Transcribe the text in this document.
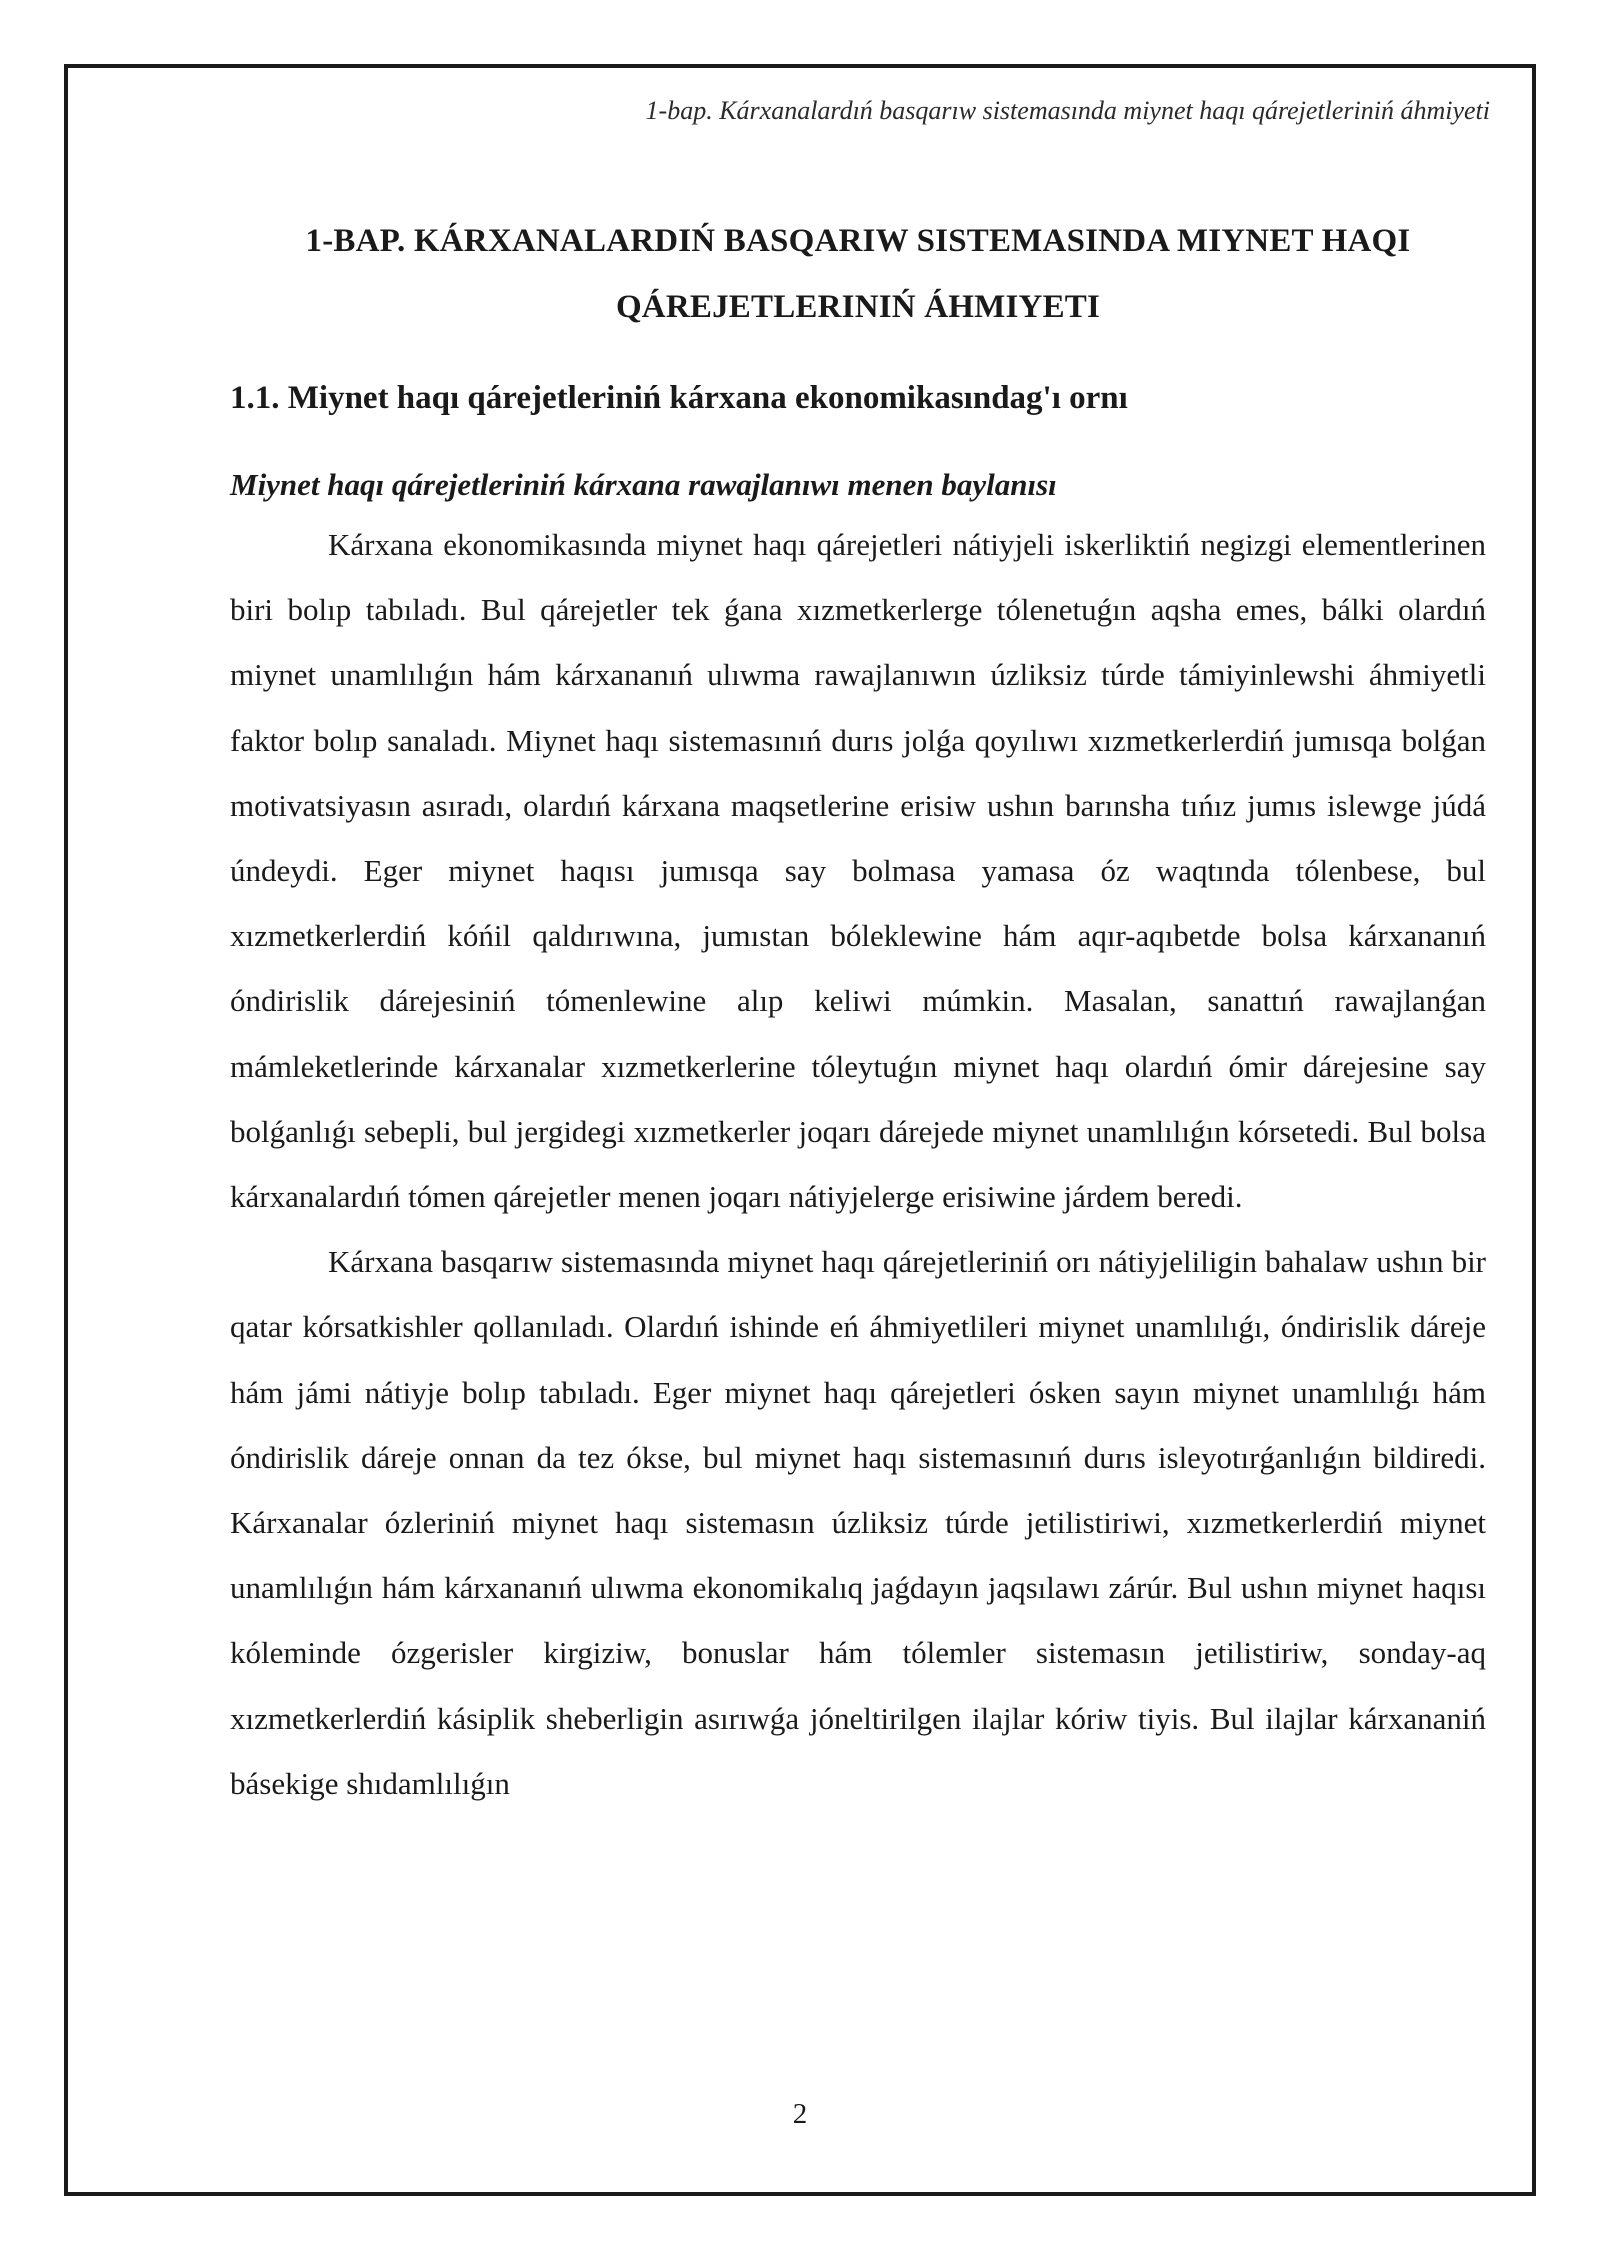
1-bap. Kárxanalardıń basqarıw sistemasında miynet haqı qárejetleriniń áhmiyeti
1-BAP. KÁRXANALARDIŃ BASQARIW SISTEMASINDA MIYNET HAQI QÁREJETLERINIŃ ÁHMIYETI
1.1. Miynet haqı qárejetleriniń kárxana ekonomikasındag'ı ornı
Miynet haqı qárejetleriniń kárxana rawajlanıwı menen baylanısı

Kárxana ekonomikasında miynet haqı qárejetleri nátiyjeli iskerliktiń negizgi elementlerinen biri bolıp tabıladı. Bul qárejetler tek ǵana xızmetkerlerge tólenetuǵın aqsha emes, bálki olardıń miynet unamlılıǵın hám kárxananıń ulıwma rawajlanıwın úzliksiz túrde támiyinlewshi áhmiyetli faktor bolıp sanaladı. Miynet haqı sistemasınıń durıs jolǵa qoyılıwı xızmetkerlerdiń jumısqa bolǵan motivatsiyasın asıradı, olardıń kárxana maqsetlerine erisiw ushın barınsha tıńız jumıs islewge júdá úndeydi. Eger miynet haqısı jumısqa say bolmasa yamasa óz waqtında tólenbese, bul xızmetkerlerdiń kóńil qaldırıwına, jumıstan bóleklewine hám aqır-aqıbetde bolsa kárxananıń óndirislik dárejesiniń tómenlewine alıp keliwi múmkin. Masalan, sanattıń rawajlanǵan mámleketlerinde kárxanalar xızmetkerlerine tóleytuǵın miynet haqı olardıń ómir dárejesine say bolǵanlıǵı sebepli, bul jergidegi xızmetkerler joqarı dárejede miynet unamlılıǵın kórsetedi. Bul bolsa kárxanalardıń tómen qárejetler menen joqarı nátiyjelerge erisiwine járdem beredi.

Kárxana basqarıw sistemasında miynet haqı qárejetleriniń orı nátiyjeliligin bahalaw ushın bir qatar kórsatkishler qollanıladı. Olardıń ishinde eń áhmiyetlileri miynet unamlılıǵı, óndirislik dáreje hám jámi nátiyje bolıp tabıladı. Eger miynet haqı qárejetleri ósken sayın miynet unamlılıǵı hám óndirislik dáreje onnan da tez ókse, bul miynet haqı sistemasınıń durıs isleyotırǵanlıǵın bildiredi. Kárxanalar ózleriniń miynet haqı sistemasın úzliksiz túrde jetilistiriwi, xızmetkerlerdiń miynet unamlılıǵın hám kárxananıń ulıwma ekonomikalıq jaǵdayın jaqsılawı zárúr. Bul ushın miynet haqısı kóleminde ózgerisler kirgiziw, bonuslar hám tólemler sistemasın jetilistiriw, sonday-aq xızmetkerlerdiń kásiplik sheberligin asırıwǵa jóneltirilgen ilajlar kóriw tiyis. Bul ilajlar kárxananiń básekige shıdamlılıǵın

2
